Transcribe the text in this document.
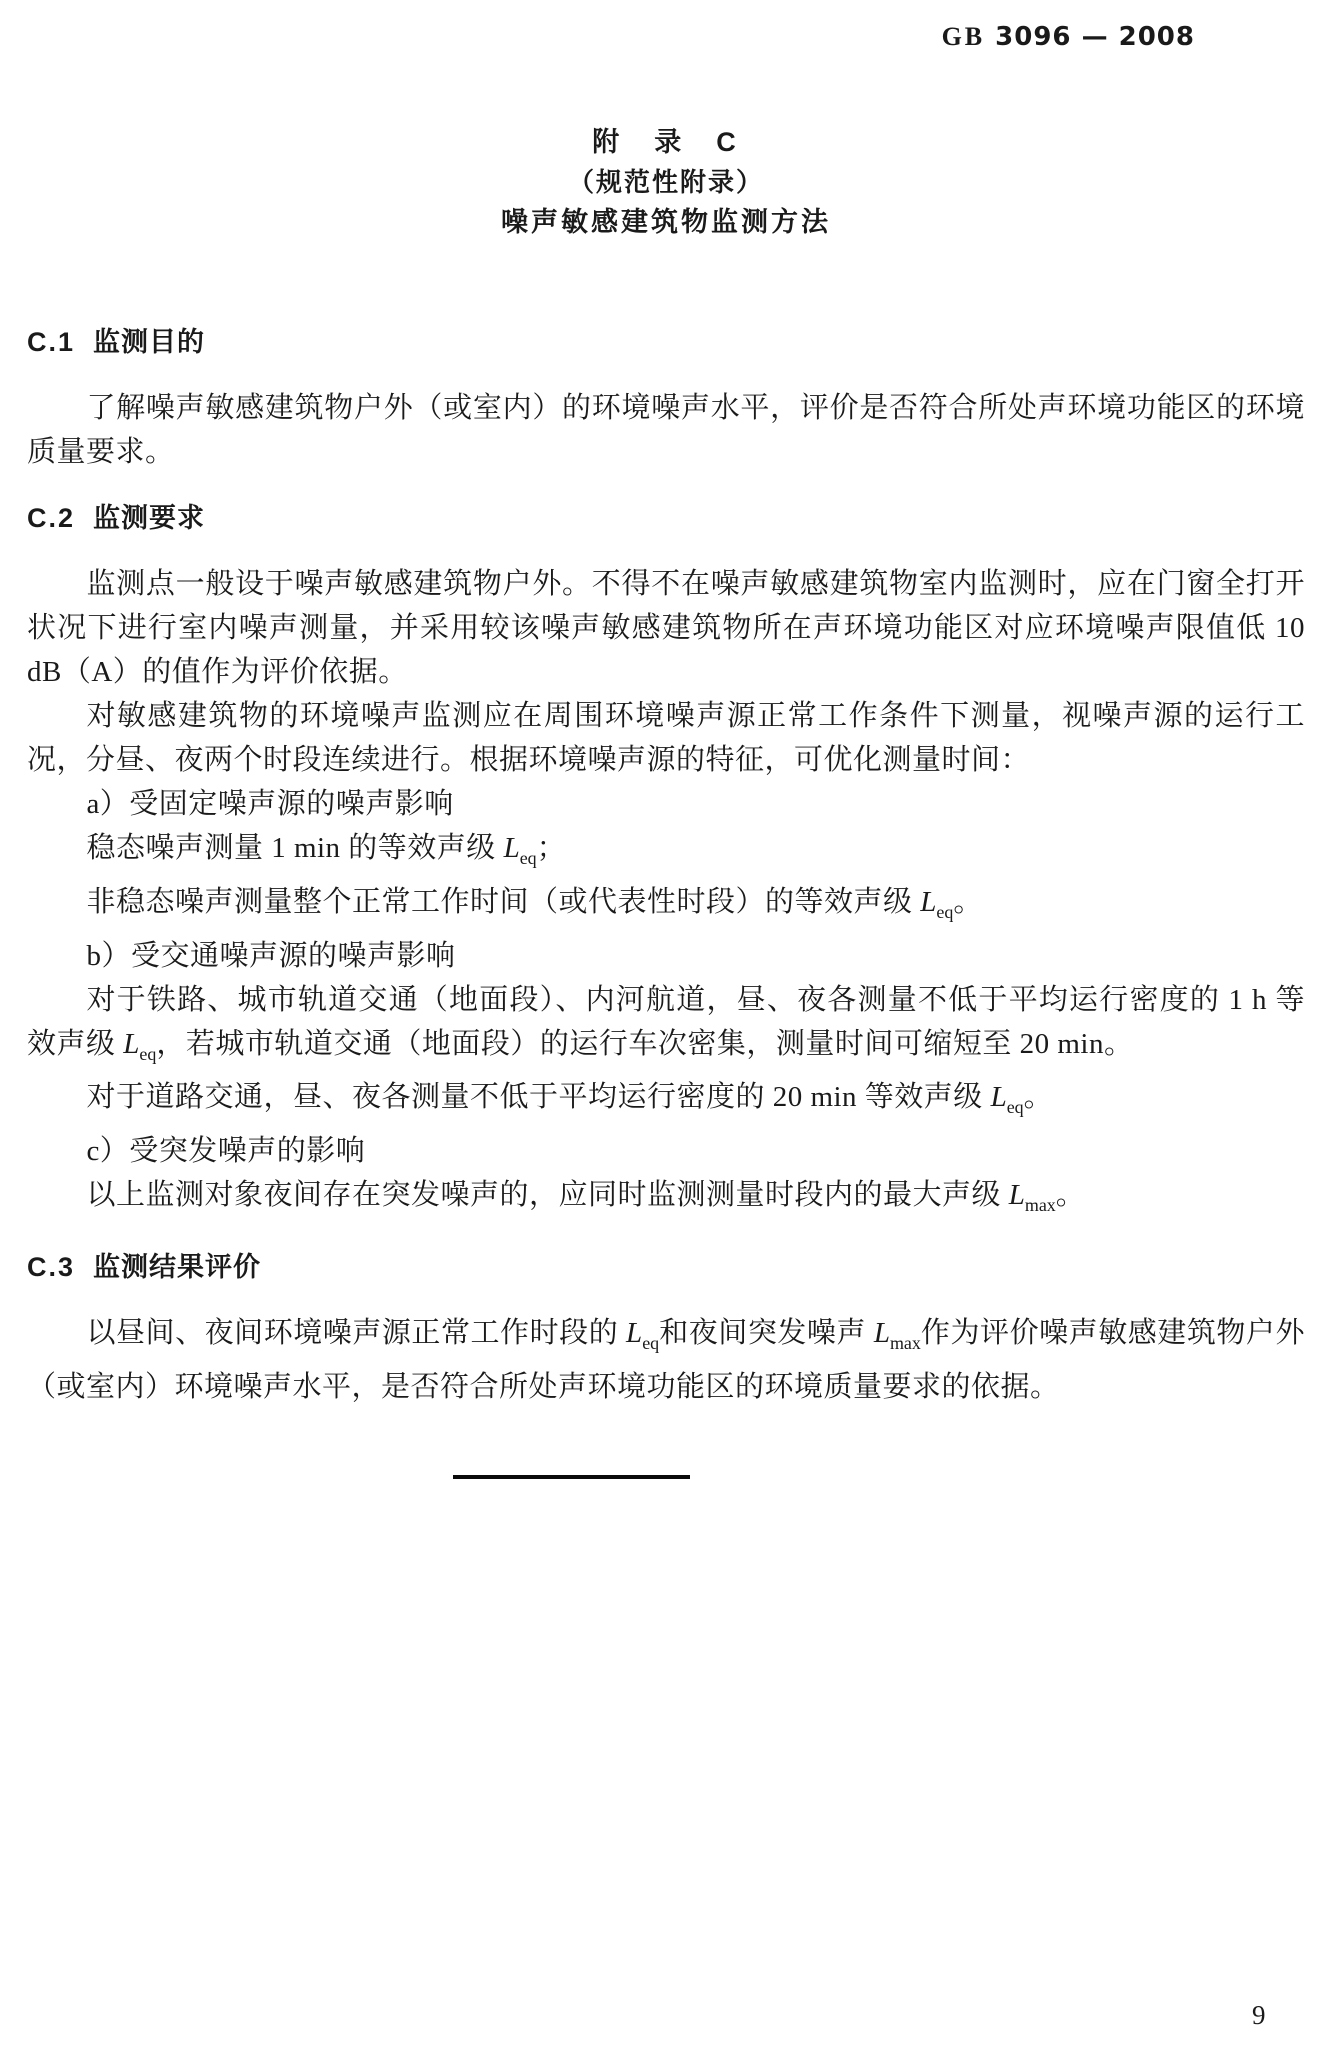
GB 3096 — 2008
附　录　C
（规范性附录）
噪声敏感建筑物监测方法
C.1 监测目的

了解噪声敏感建筑物户外（或室内）的环境噪声水平，评价是否符合所处声环境功能区的环境质量要求。

C.2 监测要求

监测点一般设于噪声敏感建筑物户外。不得不在噪声敏感建筑物室内监测时，应在门窗全打开状况下进行室内噪声测量，并采用较该噪声敏感建筑物所在声环境功能区对应环境噪声限值低 10 dB（A）的值作为评价依据。

对敏感建筑物的环境噪声监测应在周围环境噪声源正常工作条件下测量，视噪声源的运行工况，分昼、夜两个时段连续进行。根据环境噪声源的特征，可优化测量时间：

a）受固定噪声源的噪声影响

稳态噪声测量 1 min 的等效声级 $L_{eq}$；

非稳态噪声测量整个正常工作时间（或代表性时段）的等效声级 $L_{eq}$。

b）受交通噪声源的噪声影响

对于铁路、城市轨道交通（地面段）、内河航道，昼、夜各测量不低于平均运行密度的 1 h 等效声级 $L_{eq}$，若城市轨道交通（地面段）的运行车次密集，测量时间可缩短至 20 min。

对于道路交通，昼、夜各测量不低于平均运行密度的 20 min 等效声级 $L_{eq}$。

c）受突发噪声的影响

以上监测对象夜间存在突发噪声的，应同时监测测量时段内的最大声级 $L_{max}$。

C.3 监测结果评价

以昼间、夜间环境噪声源正常工作时段的 $L_{eq}$和夜间突发噪声 $L_{max}$作为评价噪声敏感建筑物户外（或室内）环境噪声水平，是否符合所处声环境功能区的环境质量要求的依据。

9
